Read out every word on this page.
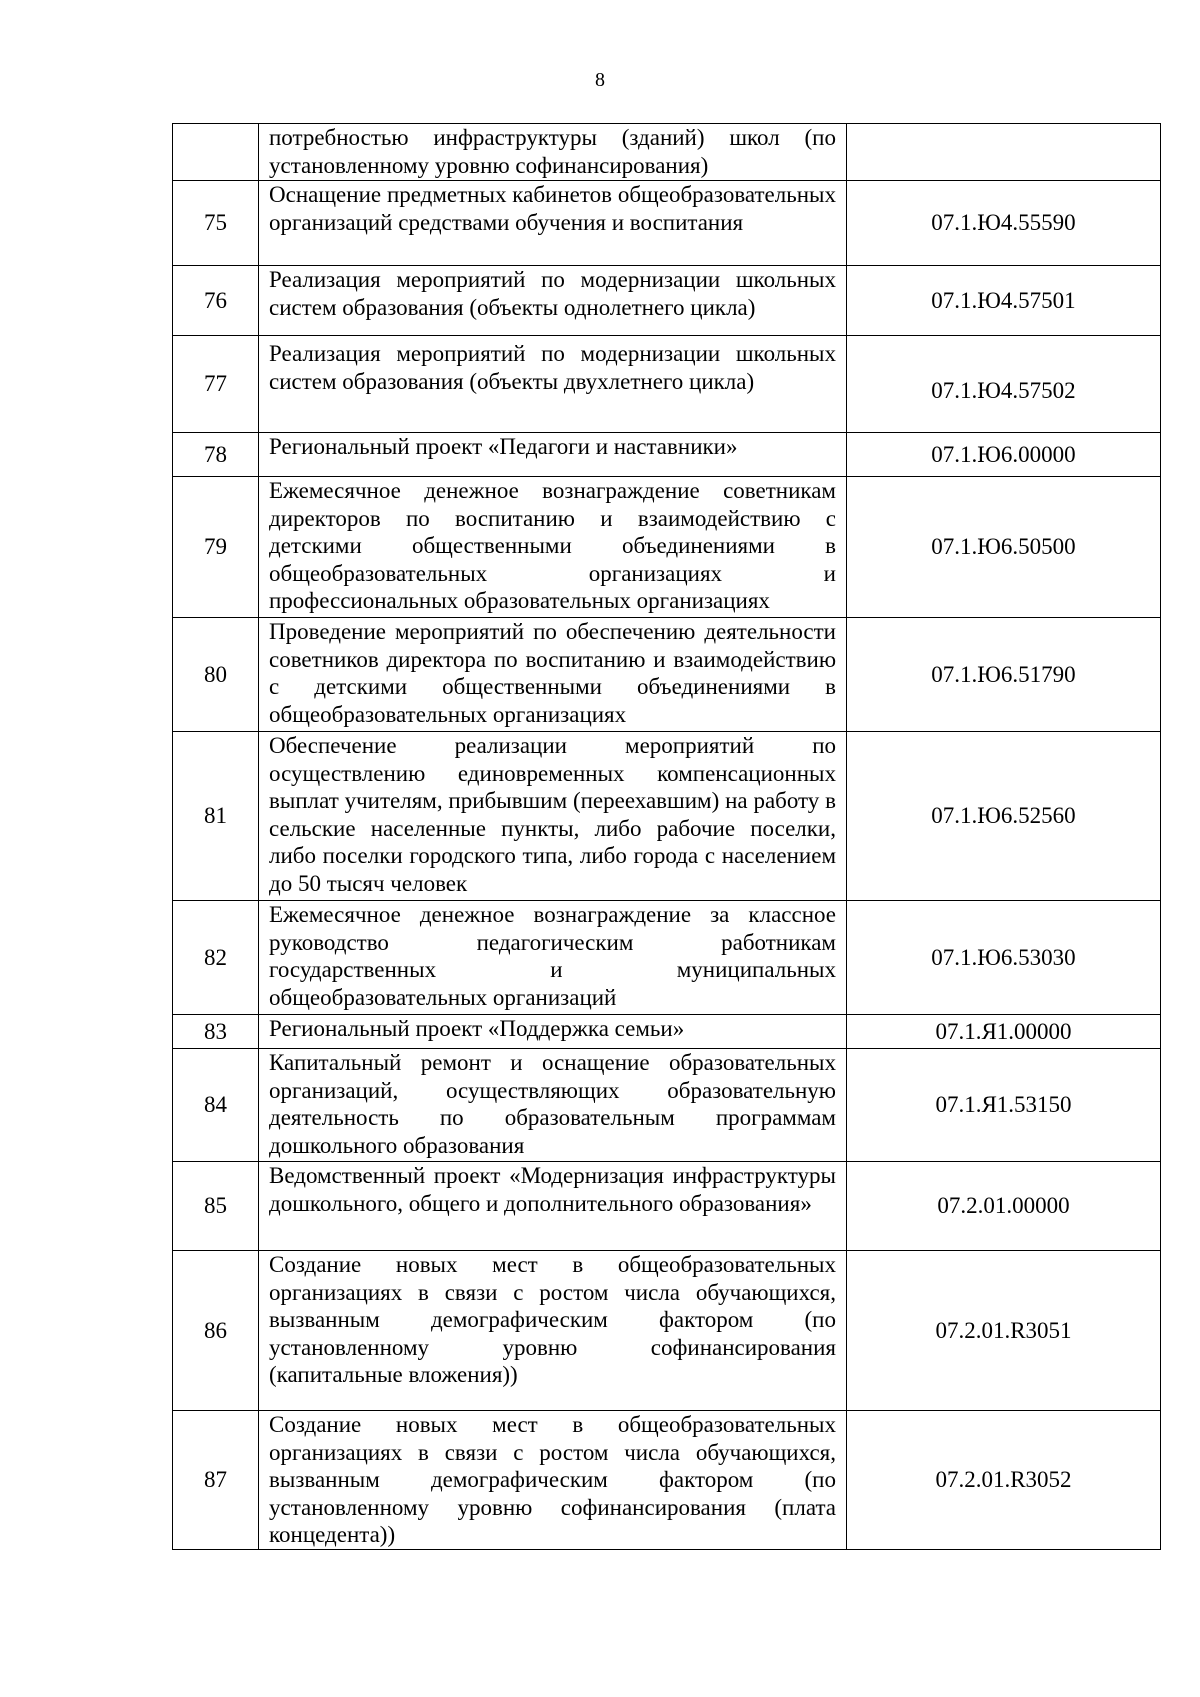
8
	потребностью инфраструктуры (зданий) школ (по установленному уровню софинансирования)	
75	Оснащение предметных кабинетов общеобразовательных организаций средствами обучения и воспитания	07.1.Ю4.55590
76	Реализация мероприятий по модернизации школьных систем образования (объекты однолетнего цикла)	07.1.Ю4.57501
77	Реализация мероприятий по модернизации школьных систем образования (объекты двухлетнего цикла)	07.1.Ю4.57502
78	Региональный проект «Педагоги и наставники»	07.1.Ю6.00000
79	Ежемесячное денежное вознаграждение советникам директоров по воспитанию и взаимодействию с детскими общественными объединениями в общеобразовательных организациях и профессиональных образовательных организациях	07.1.Ю6.50500
80	Проведение мероприятий по обеспечению деятельности советников директора по воспитанию и взаимодействию с детскими общественными объединениями в общеобразовательных организациях	07.1.Ю6.51790
81	Обеспечение реализации мероприятий по осуществлению единовременных компенсационных выплат учителям, прибывшим (переехавшим) на работу в сельские населенные пункты, либо рабочие поселки, либо поселки городского типа, либо города с населением до 50 тысяч человек	07.1.Ю6.52560
82	Ежемесячное денежное вознаграждение за классное руководство педагогическим работникам государственных и муниципальных общеобразовательных организаций	07.1.Ю6.53030
83	Региональный проект «Поддержка семьи»	07.1.Я1.00000
84	Капитальный ремонт и оснащение образовательных организаций, осуществляющих образовательную деятельность по образовательным программам дошкольного образования	07.1.Я1.53150
85	Ведомственный проект «Модернизация инфраструктуры дошкольного, общего и дополнительного образования»	07.2.01.00000
86	Создание новых мест в общеобразовательных организациях в связи с ростом числа обучающихся, вызванным демографическим фактором (по установленному уровню софинансирования (капитальные вложения))	07.2.01.R3051
87	Создание новых мест в общеобразовательных организациях в связи с ростом числа обучающихся, вызванным демографическим фактором (по установленному уровню софинансирования (плата концедента))	07.2.01.R3052
